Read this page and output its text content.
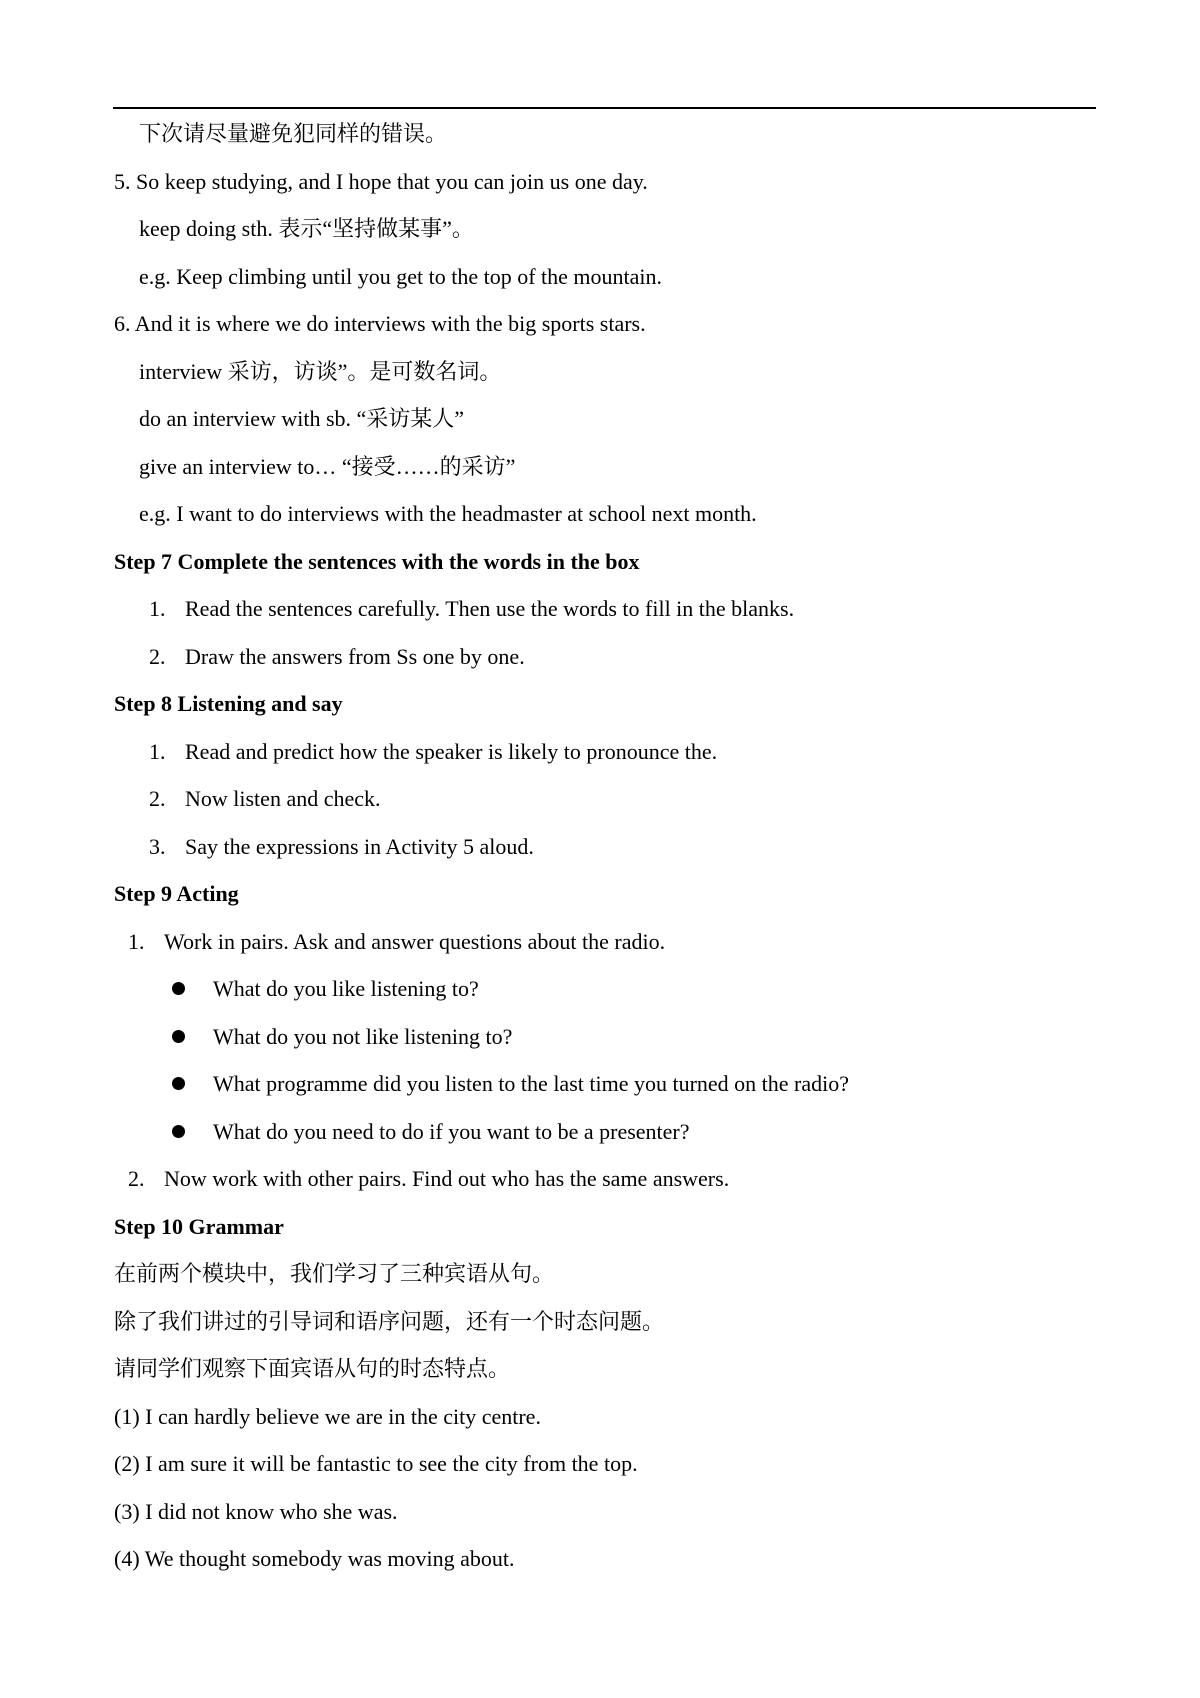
下次请尽量避免犯同样的错误。
5. So keep studying, and I hope that you can join us one day.
keep doing sth. 表示“坚持做某事”。
e.g. Keep climbing until you get to the top of the mountain.
6. And it is where we do interviews with the big sports stars.
interview 采访，访谈”。是可数名词。
do an interview with sb. “采访某人”
give an interview to… “接受……的采访”
e.g. I want to do interviews with the headmaster at school next month.
Step 7 Complete the sentences with the words in the box
1. Read the sentences carefully. Then use the words to fill in the blanks.
2. Draw the answers from Ss one by one.
Step 8 Listening and say
1. Read and predict how the speaker is likely to pronounce the.
2. Now listen and check.
3. Say the expressions in Activity 5 aloud.
Step 9 Acting
1. Work in pairs. Ask and answer questions about the radio.
What do you like listening to?
What do you not like listening to?
What programme did you listen to the last time you turned on the radio?
What do you need to do if you want to be a presenter?
2. Now work with other pairs. Find out who has the same answers.
Step 10 Grammar
在前两个模块中，我们学习了三种宾语从句。
除了我们讲过的引导词和语序问题，还有一个时态问题。
请同学们观察下面宾语从句的时态特点。
(1) I can hardly believe we are in the city centre.
(2) I am sure it will be fantastic to see the city from the top.
(3) I did not know who she was.
(4) We thought somebody was moving about.
